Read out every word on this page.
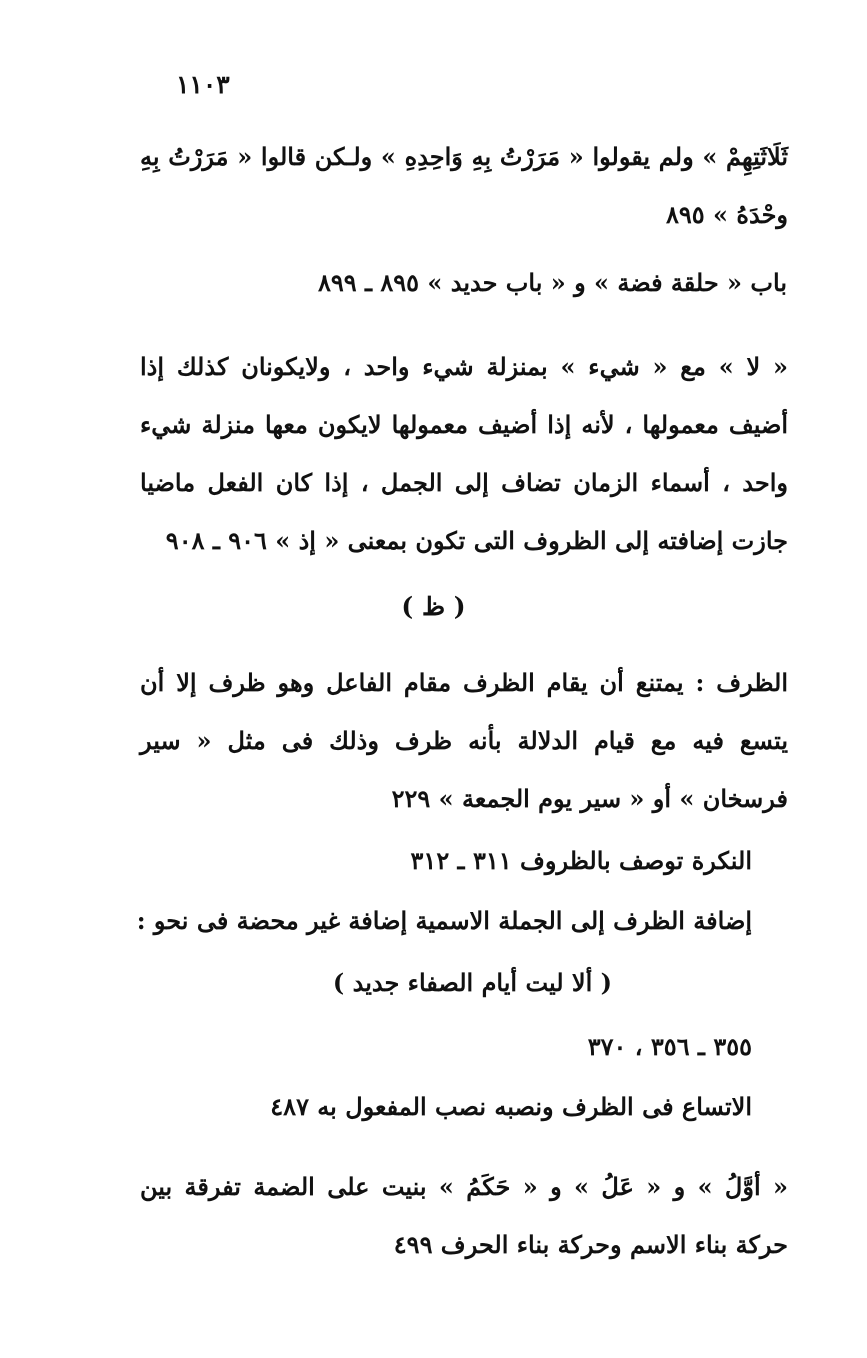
١١٠٣

ثَلَاثَتِهِمْ » ولم يقولوا « مَرَرْتُ بِهِ وَاحِدِهِ » ولـكن قالوا « مَرَرْتُ بِهِ وحْدَهُ » ٨٩٥

باب « حلقة فضة » و « باب حديد » ٨٩٥ ـ ٨٩٩

« لا » مع « شيء » بمنزلة شيء واحد ، ولايكونان كذلك إذا أضيف معمولها ، لأنه إذا أضيف معمولها لايكون معها منزلة شيء واحد ، أسماء الزمان تضاف إلى الجمل ، إذا كان الفعل ماضيا جازت إضافته إلى الظروف التى تكون بمعنى « إذ » ٩٠٦ ـ ٩٠٨

( ظ )

الظرف : يمتنع أن يقام الظرف مقام الفاعل وهو ظرف إلا أن يتسع فيه مع قيام الدلالة بأنه ظرف وذلك فى مثل « سير فرسخان » أو « سير يوم الجمعة » ٢٢٩

النكرة توصف بالظروف ٣١١ ـ ٣١٢

إضافة الظرف إلى الجملة الاسمية إضافة غير محضة فى نحو :

( ألا ليت أيام الصفاء جديد )

٣٥٥ ـ ٣٥٦ ، ٣٧٠

الاتساع فى الظرف ونصبه نصب المفعول به ٤٨٧

« أوَّلُ » و « عَلُ » و « حَكَمُ » بنيت على الضمة تفرقة بين حركة بناء الاسم وحركة بناء الحرف ٤٩٩
